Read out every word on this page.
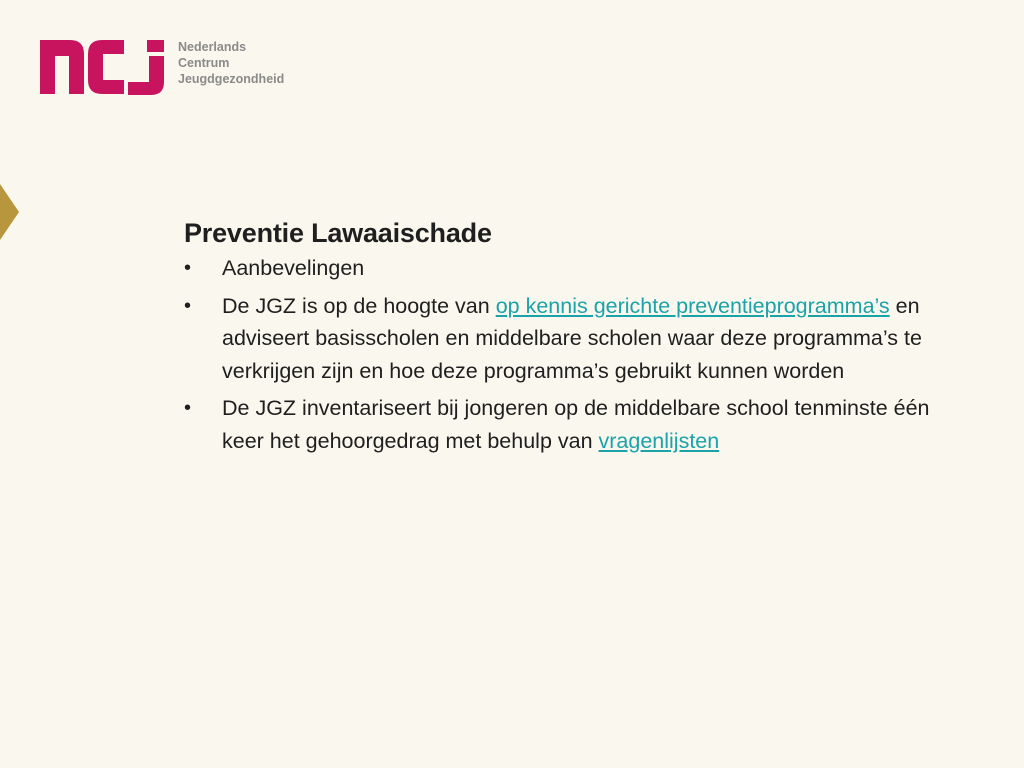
Nederlands
Centrum
Jeugdgezondheid
Preventie Lawaaischade
• Aanbevelingen
• De JGZ is op de hoogte van op kennis gerichte preventieprogramma’s en adviseert basisscholen en middelbare scholen waar deze programma’s te verkrijgen zijn en hoe deze programma’s gebruikt kunnen worden
• De JGZ inventariseert bij jongeren op de middelbare school tenminste één keer het gehoorgedrag met behulp van vragenlijsten
